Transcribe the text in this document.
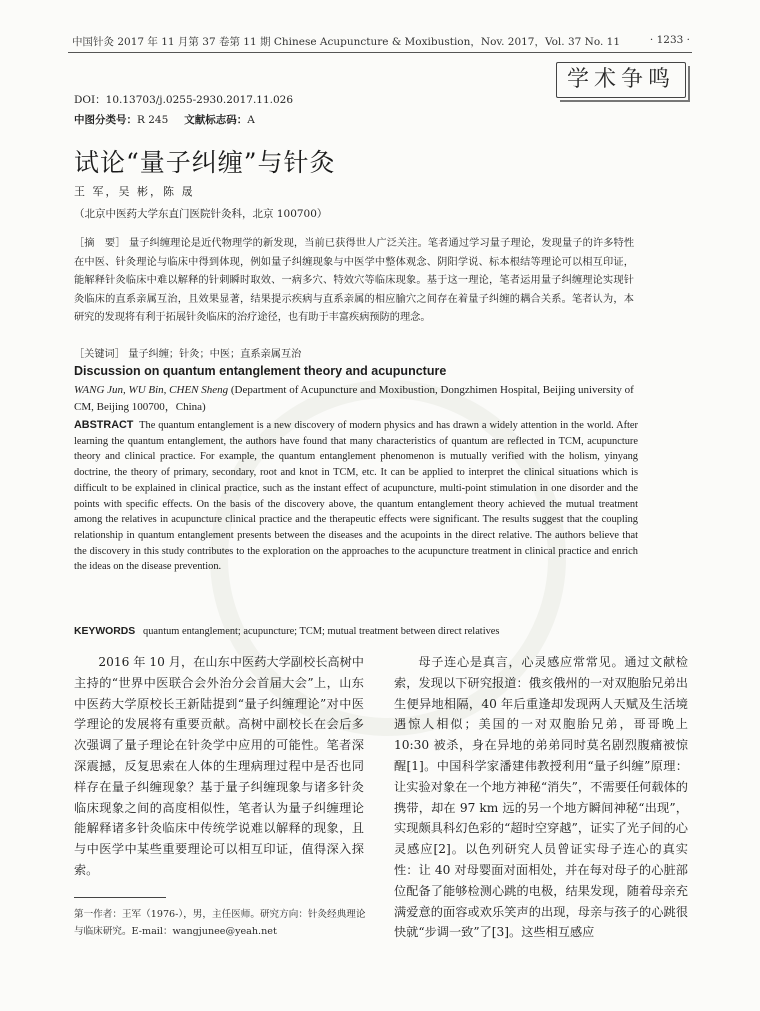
中国针灸 2017 年 11 月第 37 卷第 11 期 Chinese Acupuncture & Moxibustion，Nov. 2017，Vol. 37 No. 11	· 1233 ·
学术争鸣
DOI：10.13703/j.0255-2930.2017.11.026
中图分类号：R 245 文献标志码：A
试论“量子纠缠”与针灸
王 军，吴 彬，陈 晟
（北京中医药大学东直门医院针灸科，北京 100700）
［摘　要］ 量子纠缠理论是近代物理学的新发现，当前已获得世人广泛关注。笔者通过学习量子理论，发现量子的许多特性在中医、针灸理论与临床中得到体现，例如量子纠缠现象与中医学中整体观念、阴阳学说、标本根结等理论可以相互印证，能解释针灸临床中难以解释的针刺瞬时取效、一病多穴、特效穴等临床现象。基于这一理论，笔者运用量子纠缠理论实现针灸临床的直系亲属互治，且效果显著，结果提示疾病与直系亲属的相应腧穴之间存在着量子纠缠的耦合关系。笔者认为，本研究的发现将有利于拓展针灸临床的治疗途径，也有助于丰富疾病预防的理念。
［关键词］ 量子纠缠；针灸；中医；直系亲属互治
Discussion on quantum entanglement theory and acupuncture
WANG Jun, WU Bin, CHEN Sheng (Department of Acupuncture and Moxibustion, Dongzhimen Hospital, Beijing university of CM, Beijing 100700，China)
ABSTRACT The quantum entanglement is a new discovery of modern physics and has drawn a widely attention in the world. After learning the quantum entanglement, the authors have found that many characteristics of quantum are reflected in TCM, acupuncture theory and clinical practice. For example, the quantum entanglement phenomenon is mutually verified with the holism, yinyang doctrine, the theory of primary, secondary, root and knot in TCM, etc. It can be applied to interpret the clinical situations which is difficult to be explained in clinical practice, such as the instant effect of acupuncture, multi-point stimulation in one disorder and the points with specific effects. On the basis of the discovery above, the quantum entanglement theory achieved the mutual treatment among the relatives in acupuncture clinical practice and the therapeutic effects were significant. The results suggest that the coupling relationship in quantum entanglement presents between the diseases and the acupoints in the direct relative. The authors believe that the discovery in this study contributes to the exploration on the approaches to the acupuncture treatment in clinical practice and enrich the ideas on the disease prevention.
KEYWORDS quantum entanglement; acupuncture; TCM; mutual treatment between direct relatives

2016 年 10 月，在山东中医药大学副校长高树中主持的“世界中医联合会外治分会首届大会”上，山东中医药大学原校长王新陆提到“量子纠缠理论”对中医学理论的发展将有重要贡献。高树中副校长在会后多次强调了量子理论在针灸学中应用的可能性。笔者深深震撼，反复思索在人体的生理病理过程中是否也同样存在量子纠缠现象？基于量子纠缠现象与诸多针灸临床现象之间的高度相似性，笔者认为量子纠缠理论能解释诸多针灸临床中传统学说难以解释的现象，且与中医学中某些重要理论可以相互印证，值得深入探索。

母子连心是真言，心灵感应常常见。通过文献检索，发现以下研究报道：俄亥俄州的一对双胞胎兄弟出生便异地相隔，40 年后重逢却发现两人天赋及生活境遇惊人相似；美国的一对双胞胎兄弟，哥哥晚上 10:30 被杀，身在异地的弟弟同时莫名剧烈腹痛被惊醒[1]。中国科学家潘建伟教授利用“量子纠缠”原理：让实验对象在一个地方神秘“消失”，不需要任何载体的携带，却在 97 km 远的另一个地方瞬间神秘“出现”，实现颇具科幻色彩的“超时空穿越”，证实了光子间的心灵感应[2]。以色列研究人员曾证实母子连心的真实性：让 40 对母婴面对面相处，并在每对母子的心脏部位配备了能够检测心跳的电极，结果发现，随着母亲充满爱意的面容或欢乐笑声的出现，母亲与孩子的心跳很快就“步调一致”了[3]。这些相互感应

第一作者：王军（1976-），男，主任医师。研究方向：针灸经典理论与临床研究。E-mail：wangjunee@yeah.net
